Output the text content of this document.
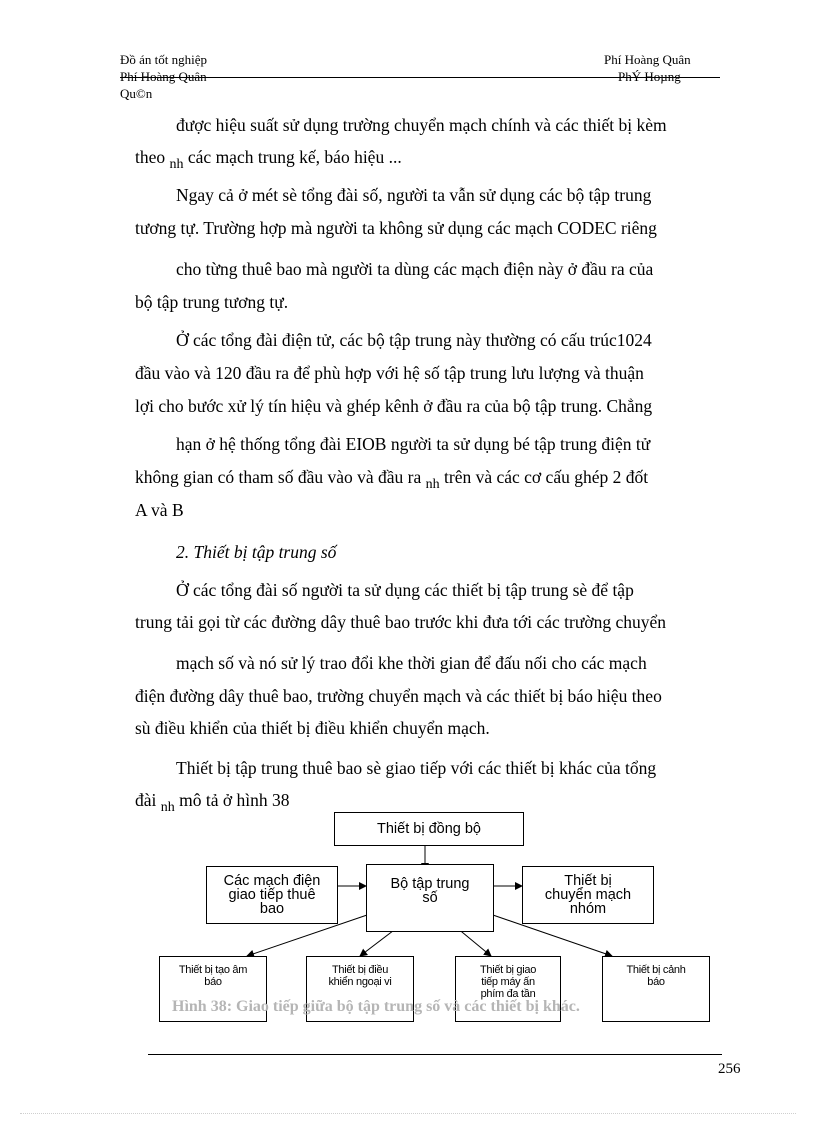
Đồ án tốt nghiệp	Phí Hoàng Quân
Phí Hoàng Quân	PhÝ Hoµng
Qu©n
được hiệu suất sử dụng trường chuyển mạch chính và các thiết bị kèm
theo $_{nh}$ các mạch trung kế, báo hiệu ...
Ngay cả ở mét sè tổng đài số, người ta vẫn sử dụng các bộ tập trung
tương tự. Trường hợp mà người ta không sử dụng các mạch CODEC riêng
cho từng thuê bao mà người ta dùng các mạch điện này ở đầu ra của
bộ tập trung tương tự.
Ở các tổng đài điện tử, các bộ tập trung này thường có cấu trúc1024
đầu vào và 120 đầu ra để phù hợp với hệ số tập trung lưu lượng và thuận
lợi cho bước xử lý tín hiệu và ghép kênh ở đầu ra của bộ tập trung. Chẳng
hạn ở hệ thống tổng đài EIOB người ta sử dụng bé tập trung điện tử
không gian có tham số đầu vào và đầu ra $_{nh}$ trên và các cơ cấu ghép 2 đốt
A và B
2. Thiết bị tập trung số
Ở các tổng đài số người ta sử dụng các thiết bị tập trung sè để tập
trung tải gọi từ các đường dây thuê bao trước khi đưa tới các trường chuyển
mạch số và nó sử lý trao đổi khe thời gian để đấu nối cho các mạch
điện đường dây thuê bao, trường chuyển mạch và các thiết bị báo hiệu theo
sù điều khiển của thiết bị điều khiển chuyển mạch.
Thiết bị tập trung thuê bao sè giao tiếp với các thiết bị khác của tổng
đài $_{nh}$ mô tả ở hình 38
Thiết bị đồng bộ
Các mạch điện
giao tiếp thuê
bao
Bộ tập trung
số
Thiết bị
chuyển mạch
nhóm
Thiết bị tạo âm
báo
Thiết bị điều
khiển ngoại vi
Thiết bị giao
tiếp máy ấn
phím đa tần
Thiết bị cảnh
báo
Hình 38: Giao tiếp giữa bộ tập trung số và các thiết bị khác.
256
